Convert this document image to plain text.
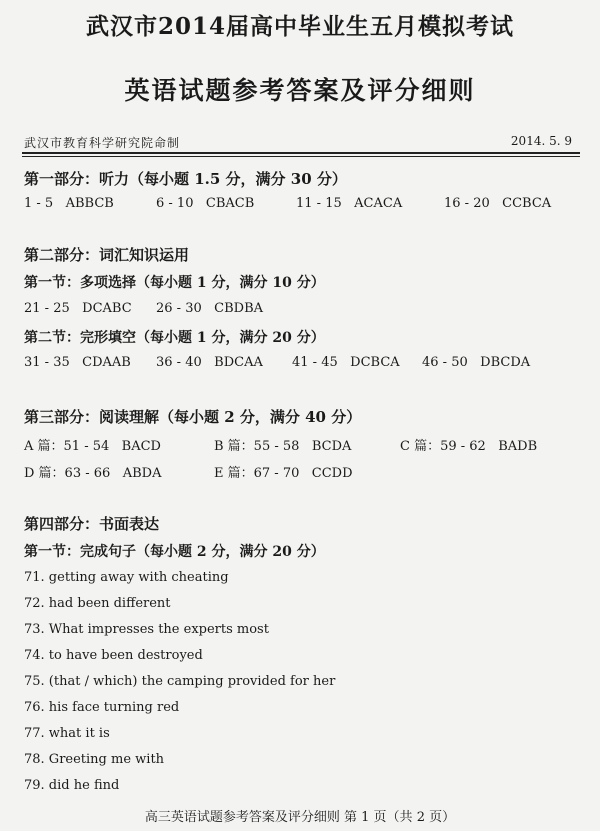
武汉市2014届高中毕业生五月模拟考试
英语试题参考答案及评分细则
武汉市教育科学研究院命制	2014. 5. 9
第一部分：听力（每小题 1.5 分，满分 30 分）
1 - 5 ABBCB	6 - 10 CBACB	11 - 15 ACACA	16 - 20 CCBCA
第二部分：词汇知识运用
第一节：多项选择（每小题 1 分，满分 10 分）
21 - 25 DCABC 26 - 30 CBDBA
第二节：完形填空（每小题 1 分，满分 20 分）
31 - 35 CDAAB 36 - 40 BDCAA 41 - 45 DCBCA 46 - 50 DBCDA
第三部分：阅读理解（每小题 2 分，满分 40 分）
A 篇：51 - 54 BACD	B 篇：55 - 58 BCDA	C 篇：59 - 62 BADB
D 篇：63 - 66 ABDA	E 篇：67 - 70 CCDD
第四部分：书面表达
第一节：完成句子（每小题 2 分，满分 20 分）
71. getting away with cheating
72. had been different
73. What impresses the experts most
74. to have been destroyed
75. (that / which) the camping provided for her
76. his face turning red
77. what it is
78. Greeting me with
79. did he find
高三英语试题参考答案及评分细则 第 1 页（共 2 页）
